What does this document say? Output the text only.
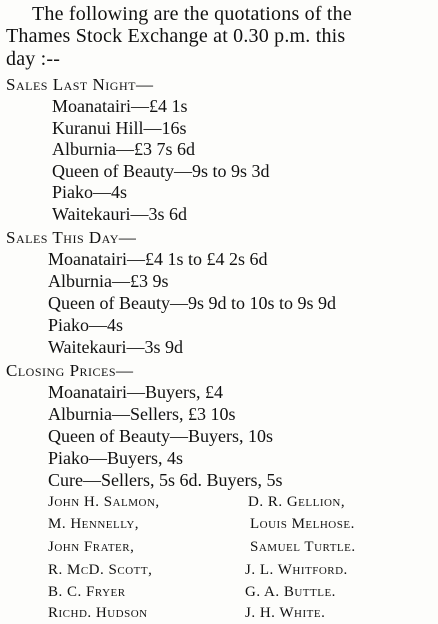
The following are the quotations of the
Thames Stock Exchange at 0.30 p.m. this
day :--
Sales Last Night—
Moanatairi—£4 1s
Kuranui Hill—16s
Alburnia—£3 7s 6d
Queen of Beauty—9s to 9s 3d
Piako—4s
Waitekauri—3s 6d
Sales This Day—
Moanatairi—£4 1s to £4 2s 6d
Alburnia—£3 9s
Queen of Beauty—9s 9d to 10s to 9s 9d
Piako—4s
Waitekauri—3s 9d
Closing Prices—
Moanatairi—Buyers, £4
Alburnia—Sellers, £3 10s
Queen of Beauty—Buyers, 10s
Piako—Buyers, 4s
Cure—Sellers, 5s 6d. Buyers, 5s
John H. Salmon,	D. R. Gellion,
M. Hennelly,	Louis Melhose.
John Frater,	Samuel Turtle.
R. McD. Scott,	J. L. Whitford.
B. C. Fryer	G. A. Buttle.
Richd. Hudson	J. H. White.
